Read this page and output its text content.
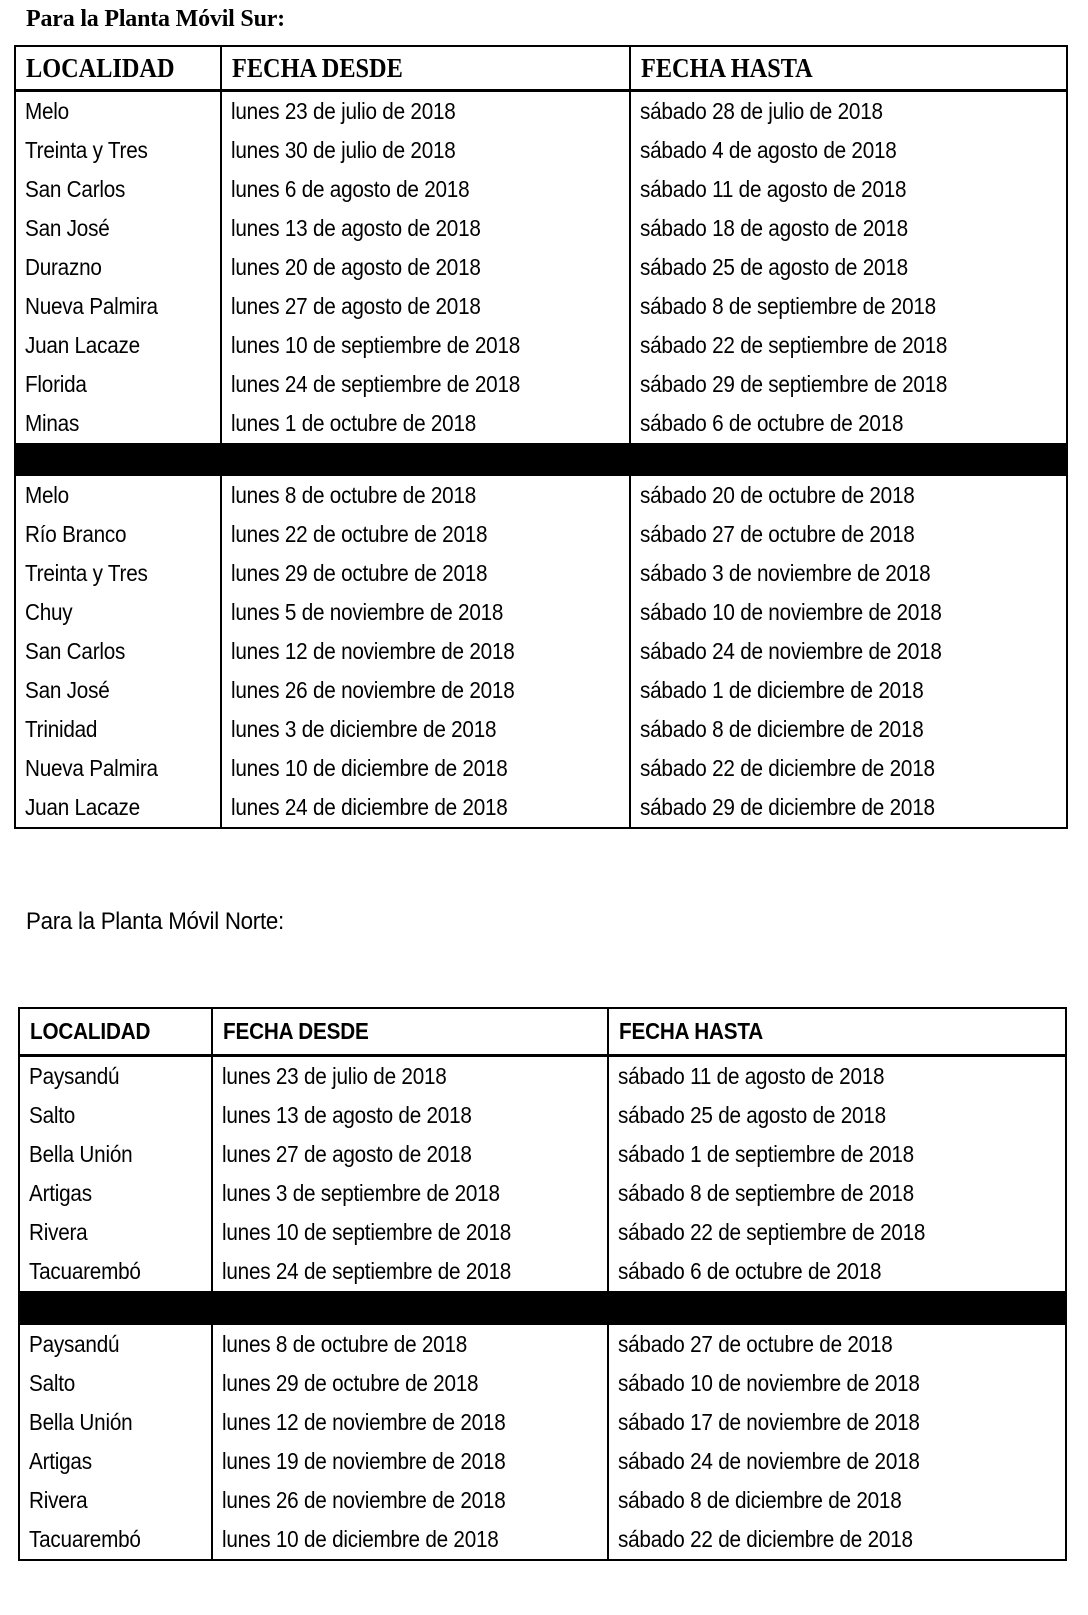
Para la Planta Móvil Sur:
LOCALIDAD	FECHA DESDE	FECHA HASTA
Melo	lunes 23 de julio de 2018	sábado 28 de julio de 2018
Treinta y Tres	lunes 30 de julio de 2018	sábado 4 de agosto de 2018
San Carlos	lunes 6 de agosto de 2018	sábado 11 de agosto de 2018
San José	lunes 13 de agosto de 2018	sábado 18 de agosto de 2018
Durazno	lunes 20 de agosto de 2018	sábado 25 de agosto de 2018
Nueva Palmira	lunes 27 de agosto de 2018	sábado 8 de septiembre de 2018
Juan Lacaze	lunes 10 de septiembre de 2018	sábado 22 de septiembre de 2018
Florida	lunes 24 de septiembre de 2018	sábado 29 de septiembre de 2018
Minas	lunes 1 de octubre de 2018	sábado 6 de octubre de 2018

Melo	lunes 8 de octubre de 2018	sábado 20 de octubre de 2018
Río Branco	lunes 22 de octubre de 2018	sábado 27 de octubre de 2018
Treinta y Tres	lunes 29 de octubre de 2018	sábado 3 de noviembre de 2018
Chuy	lunes 5 de noviembre de 2018	sábado 10 de noviembre de 2018
San Carlos	lunes 12 de noviembre de 2018	sábado 24 de noviembre de 2018
San José	lunes 26 de noviembre de 2018	sábado 1 de diciembre de 2018
Trinidad	lunes 3 de diciembre de 2018	sábado 8 de diciembre de 2018
Nueva Palmira	lunes 10 de diciembre de 2018	sábado 22 de diciembre de 2018
Juan Lacaze	lunes 24 de diciembre de 2018	sábado 29 de diciembre de 2018
Para la Planta Móvil Norte:
LOCALIDAD	FECHA DESDE	FECHA HASTA
Paysandú	lunes 23 de julio de 2018	sábado 11 de agosto de 2018
Salto	lunes 13 de agosto de 2018	sábado 25 de agosto de 2018
Bella Unión	lunes 27 de agosto de 2018	sábado 1 de septiembre de 2018
Artigas	lunes 3 de septiembre de 2018	sábado 8 de septiembre de 2018
Rivera	lunes 10 de septiembre de 2018	sábado 22 de septiembre de 2018
Tacuarembó	lunes 24 de septiembre de 2018	sábado 6 de octubre de 2018

Paysandú	lunes 8 de octubre de 2018	sábado 27 de octubre de 2018
Salto	lunes 29 de octubre de 2018	sábado 10 de noviembre de 2018
Bella Unión	lunes 12 de noviembre de 2018	sábado 17 de noviembre de 2018
Artigas	lunes 19 de noviembre de 2018	sábado 24 de noviembre de 2018
Rivera	lunes 26 de noviembre de 2018	sábado 8 de diciembre de 2018
Tacuarembó	lunes 10 de diciembre de 2018	sábado 22 de diciembre de 2018
